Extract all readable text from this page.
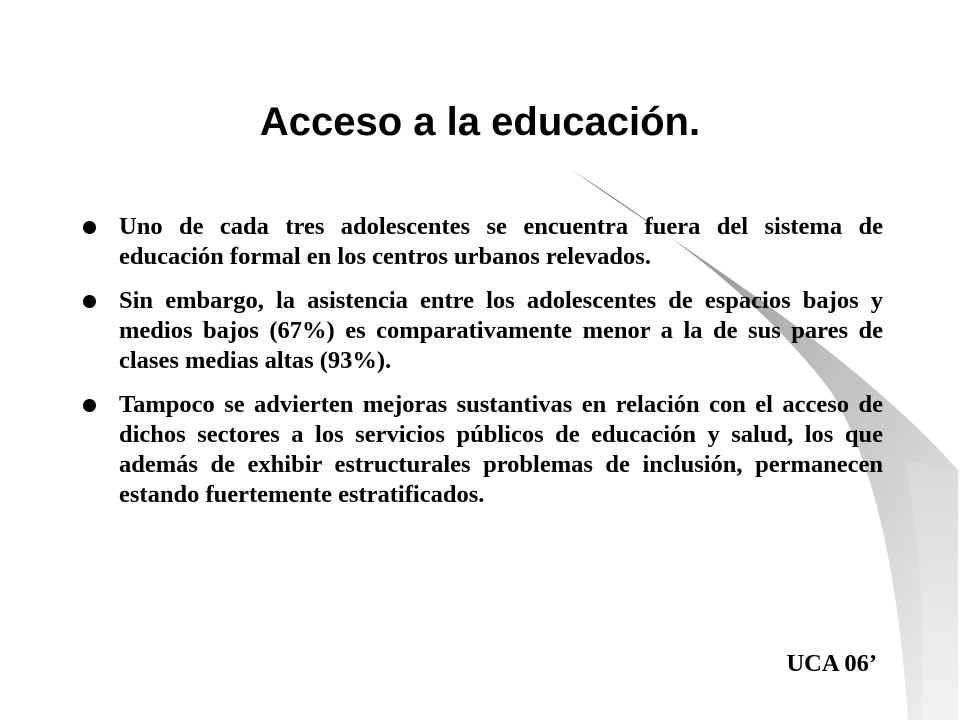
Acceso a la educación.
Uno de cada tres adolescentes se encuentra fuera del sistema de educación formal en los centros urbanos relevados.
Sin embargo, la asistencia entre los adolescentes de espacios bajos y medios bajos (67%) es comparativamente menor a la de sus pares de clases medias altas (93%).
Tampoco se advierten mejoras sustantivas en relación con el acceso de dichos sectores a los servicios públicos de educación y salud, los que además de exhibir estructurales problemas de inclusión, permanecen estando fuertemente estratificados.
UCA 06’
